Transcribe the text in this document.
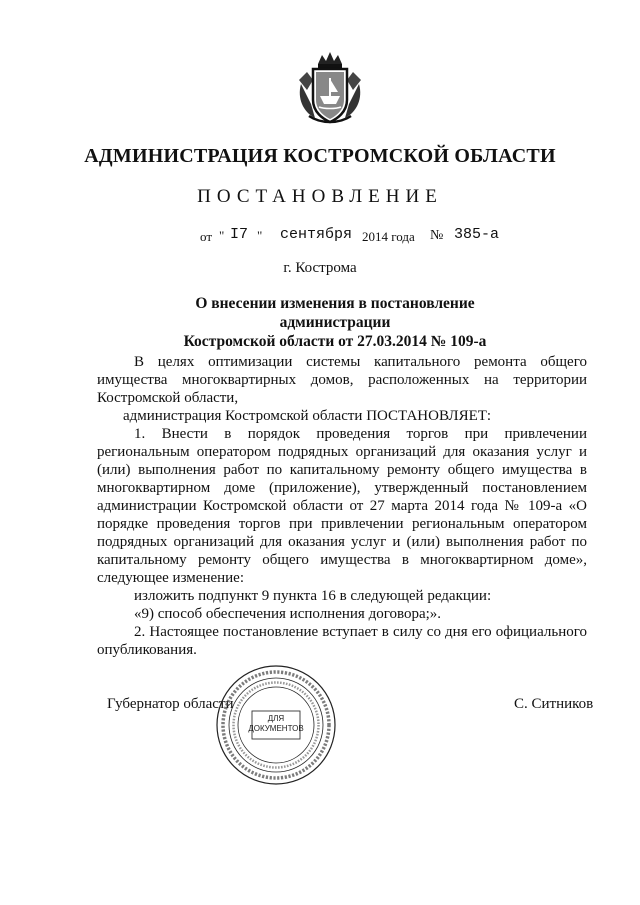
АДМИНИСТРАЦИЯ КОСТРОМСКОЙ ОБЛАСТИ
ПОСТАНОВЛЕНИЕ
от " I7 " сентября 2014 года № 385-а
г. Кострома
О внесении изменения в постановление администрации
Костромской области от 27.03.2014 № 109-а

В целях оптимизации системы капитального ремонта общего

имущества многоквартирных домов, расположенных на территории

Костромской области,

администрация Костромской области ПОСТАНОВЛЯЕТ:

1. Внести в порядок проведения торгов при привлечении региональным оператором подрядных организаций для оказания услуг и (или) выполнения работ по капитальному ремонту общего имущества в многоквартирном доме (приложение), утвержденный постановлением администрации Костромской области от 27 марта 2014 года № 109-а «О порядке проведения торгов при привлечении региональным оператором подрядных организаций для оказания услуг и (или) выполнения работ по капитальному ремонту общего имущества в многоквартирном доме», следующее изменение:

изложить подпункт 9 пункта 16 в следующей редакции:

«9) способ обеспечения исполнения договора;».

2. Настоящее постановление вступает в силу со дня его официального опубликования.

Губернатор области	С. Ситников
ДЛЯ
ДОКУМЕНТОВ
